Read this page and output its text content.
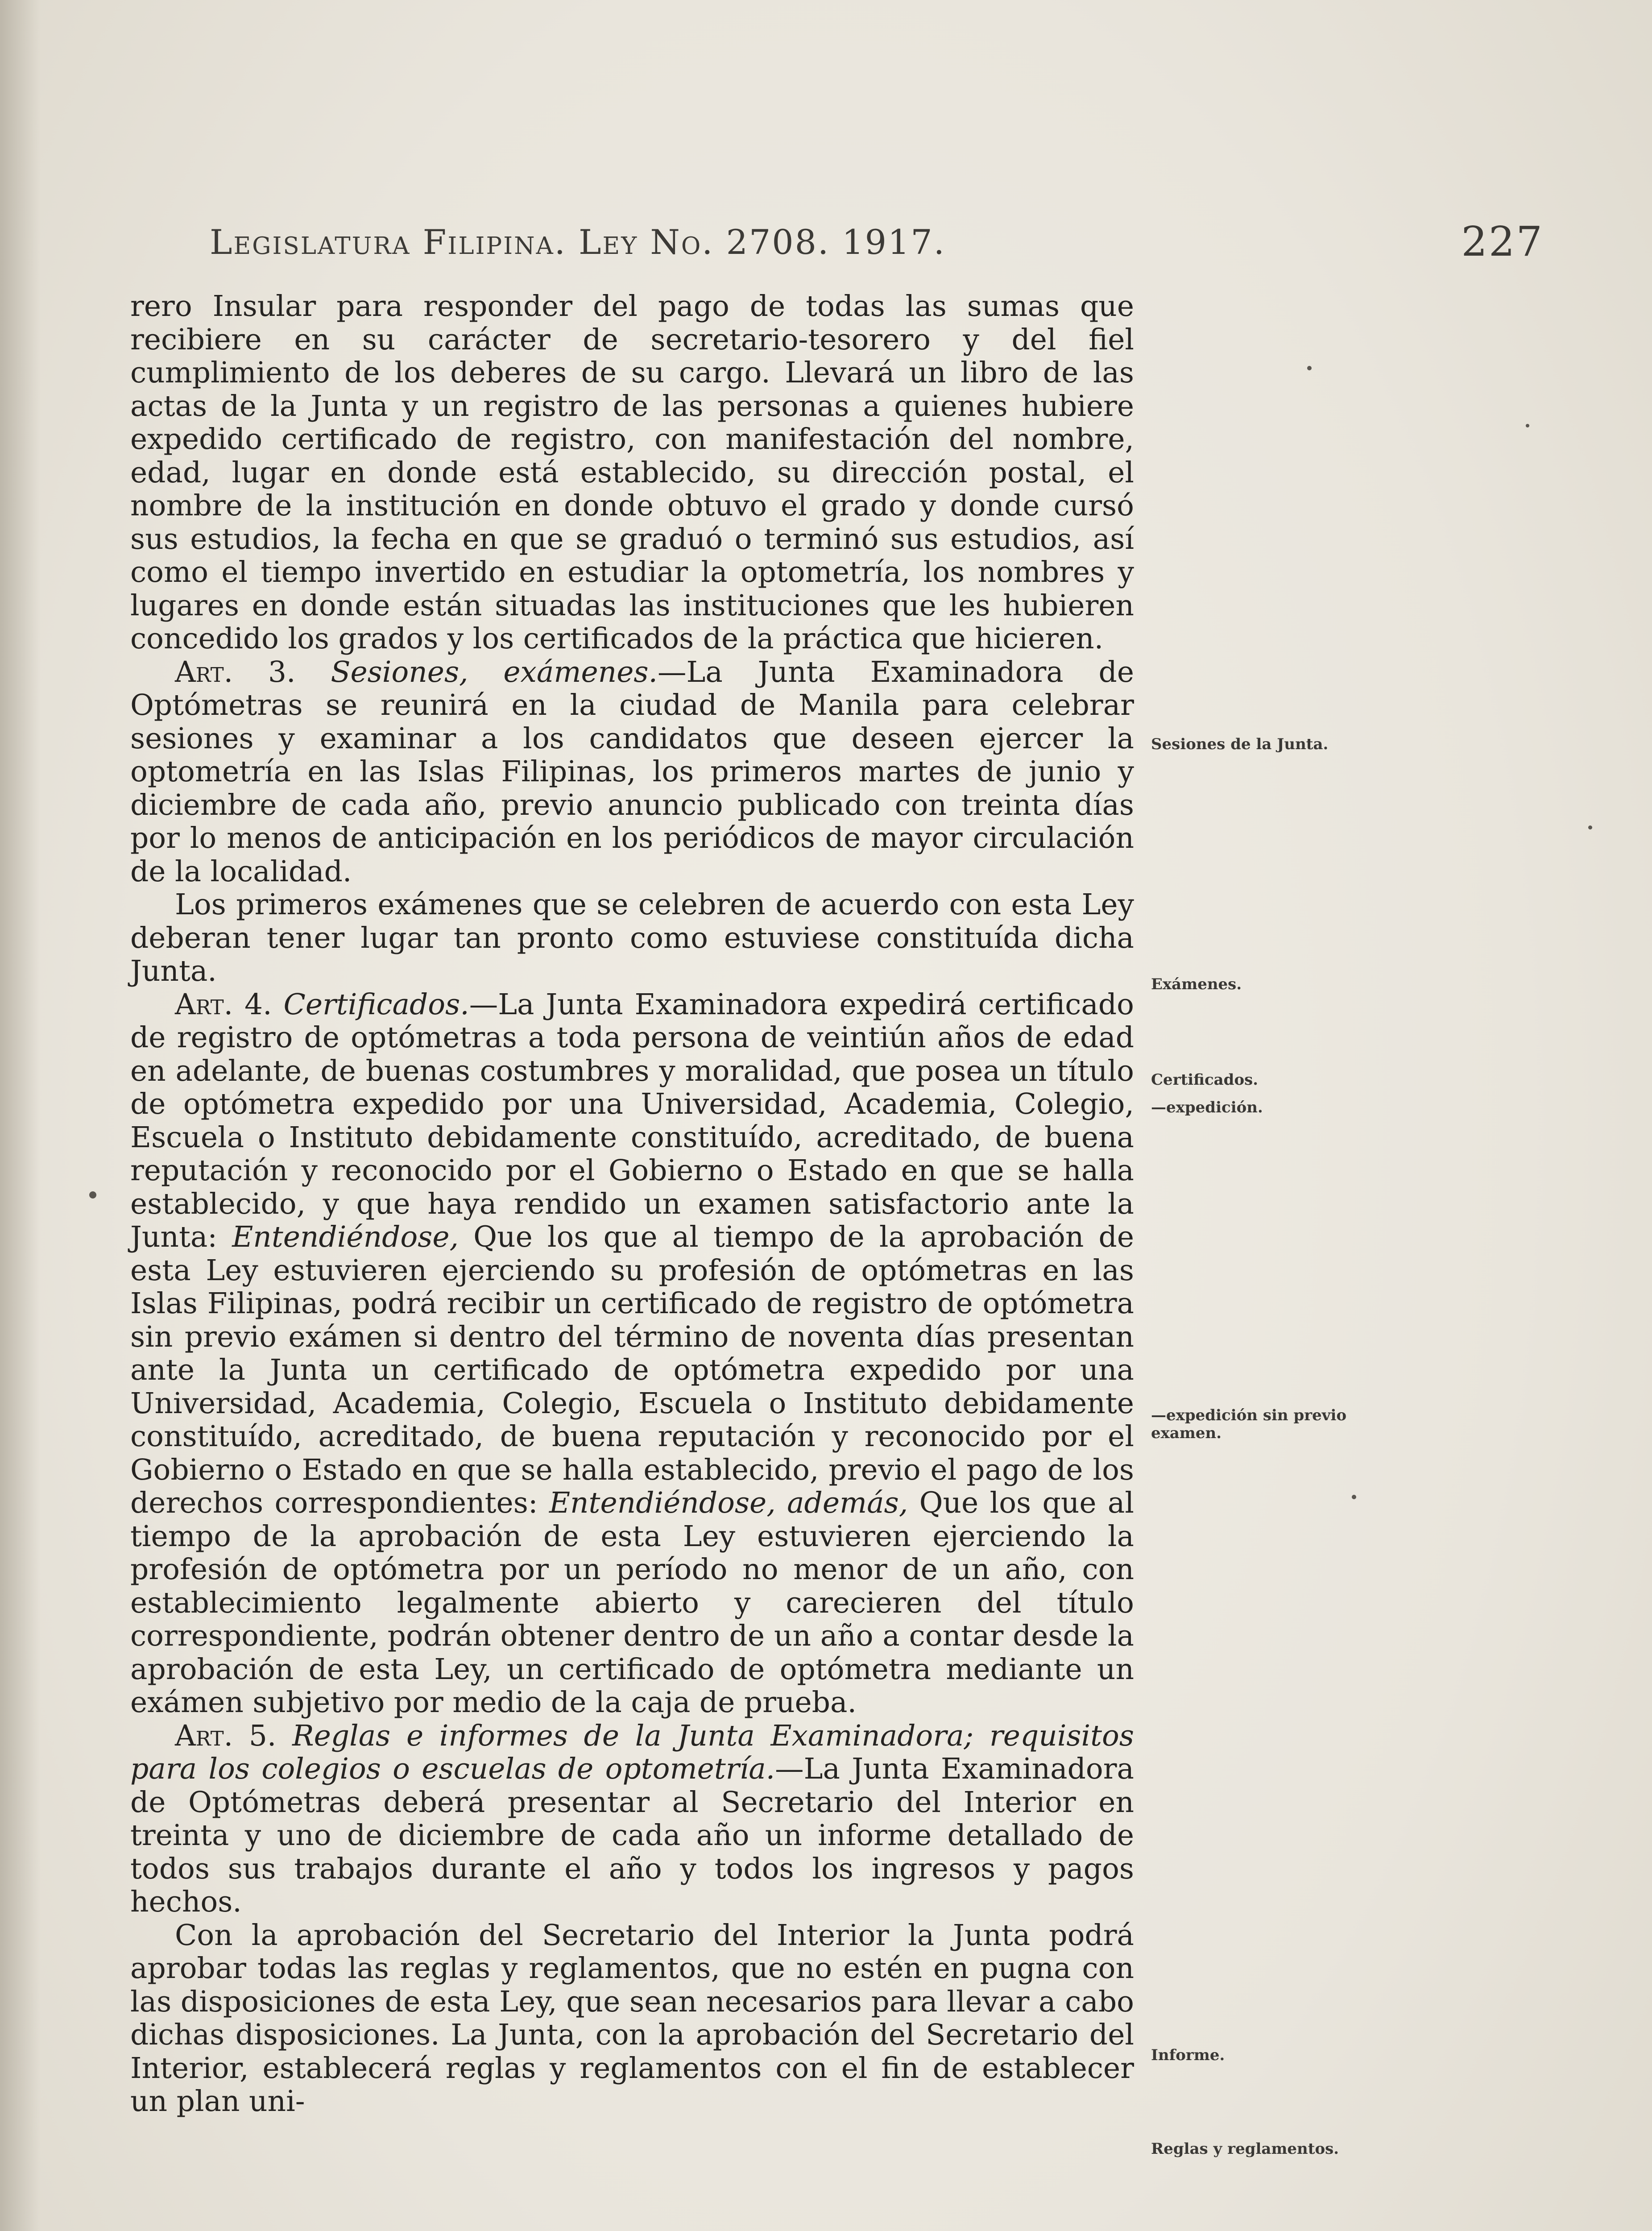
Legislatura Filipina. Ley No. 2708. 1917.	227

rero Insular para responder del pago de todas las sumas que recibiere en su carácter de secretario-tesorero y del fiel cumplimiento de los deberes de su cargo. Llevará un libro de las actas de la Junta y un registro de las personas a quienes hubiere expedido certificado de registro, con manifestación del nombre, edad, lugar en donde está establecido, su dirección postal, el nombre de la institución en donde obtuvo el grado y donde cursó sus estudios, la fecha en que se graduó o terminó sus estudios, así como el tiempo invertido en estudiar la optometría, los nombres y lugares en donde están situadas las instituciones que les hubieren concedido los grados y los certificados de la práctica que hicieren.

Art. 3. Sesiones, exámenes.—La Junta Examinadora de Optómetras se reunirá en la ciudad de Manila para celebrar sesiones y examinar a los candidatos que deseen ejercer la optometría en las Islas Filipinas, los primeros martes de junio y diciembre de cada año, previo anuncio publicado con treinta días por lo menos de anticipación en los periódicos de mayor circulación de la localidad.

Los primeros exámenes que se celebren de acuerdo con esta Ley deberan tener lugar tan pronto como estuviese constituída dicha Junta.

Art. 4. Certificados.—La Junta Examinadora expedirá certificado de registro de optómetras a toda persona de veintiún años de edad en adelante, de buenas costumbres y moralidad, que posea un título de optómetra expedido por una Universidad, Academia, Colegio, Escuela o Instituto debidamente constituído, acreditado, de buena reputación y reconocido por el Gobierno o Estado en que se halla establecido, y que haya rendido un examen satisfactorio ante la Junta: Entendiéndose, Que los que al tiempo de la aprobación de esta Ley estuvieren ejerciendo su profesión de optómetras en las Islas Filipinas, podrá recibir un certificado de registro de optómetra sin previo exámen si dentro del término de noventa días presentan ante la Junta un certificado de optómetra expedido por una Universidad, Academia, Colegio, Escuela o Instituto debidamente constituído, acreditado, de buena reputación y reconocido por el Gobierno o Estado en que se halla establecido, previo el pago de los derechos correspondientes: Entendiéndose, además, Que los que al tiempo de la aprobación de esta Ley estuvieren ejerciendo la profesión de optómetra por un período no menor de un año, con establecimiento legalmente abierto y carecieren del título correspondiente, podrán obtener dentro de un año a contar desde la aprobación de esta Ley, un certificado de optómetra mediante un exámen subjetivo por medio de la caja de prueba.

Art. 5. Reglas e informes de la Junta Examinadora; requisitos para los colegios o escuelas de optometría.—La Junta Examinadora de Optómetras deberá presentar al Secretario del Interior en treinta y uno de diciembre de cada año un informe detallado de todos sus trabajos durante el año y todos los ingresos y pagos hechos.

Con la aprobación del Secretario del Interior la Junta podrá aprobar todas las reglas y reglamentos, que no estén en pugna con las disposiciones de esta Ley, que sean necesarios para llevar a cabo dichas disposiciones. La Junta, con la aprobación del Secretario del Interior, establecerá reglas y reglamentos con el fin de establecer un plan uni-

Sesiones de la Junta.
Exámenes.
Certificados.
—expedición.
—expedición sin previo examen.
Informe.
Reglas y reglamentos.
